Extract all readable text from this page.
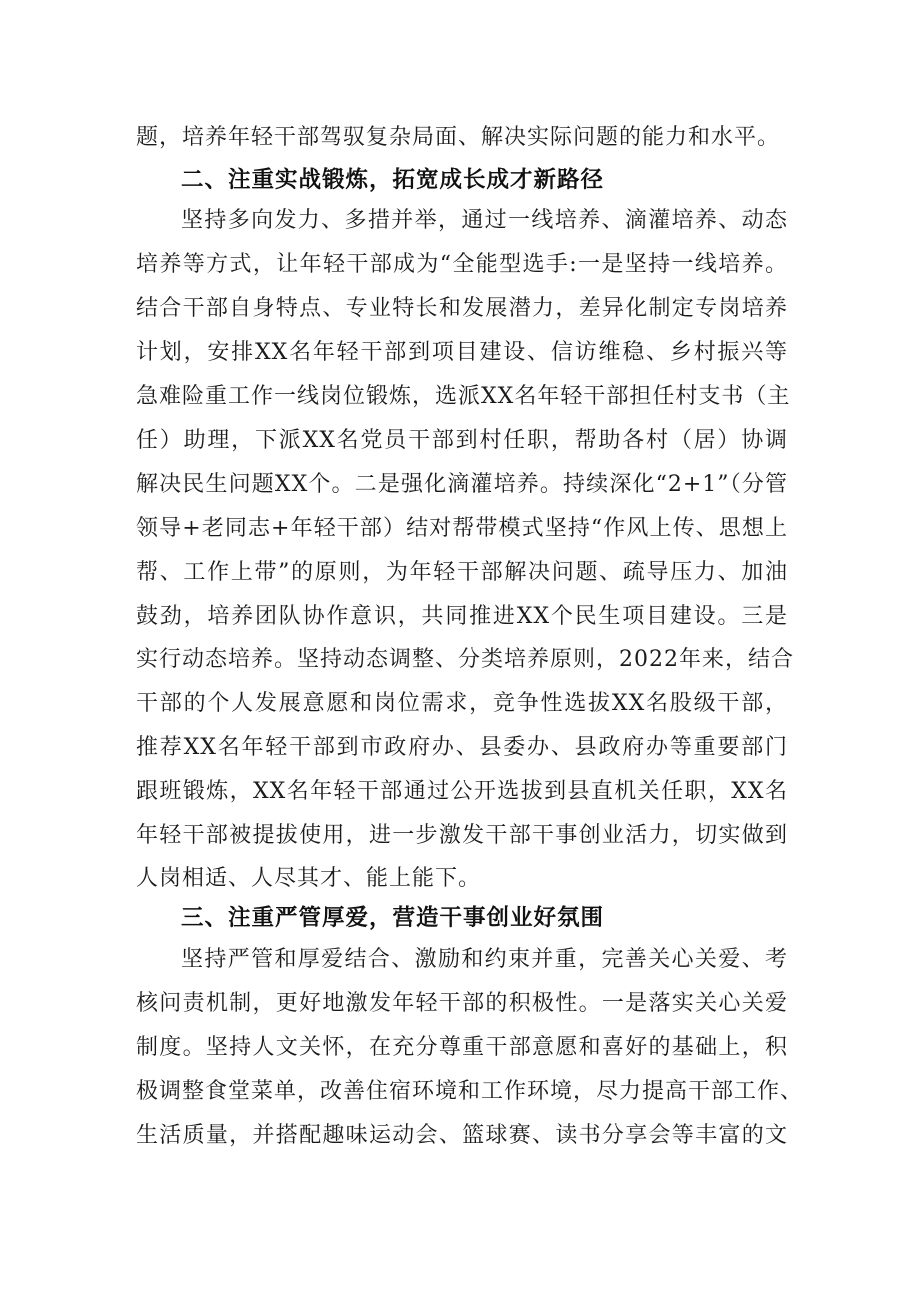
题，培养年轻干部驾驭复杂局面、解决实际问题的能力和水平。
二、注重实战锻炼，拓宽成长成才新路径
坚持多向发力、多措并举，通过一线培养、滴灌培养、动态
培养等方式，让年轻干部成为“全能型选手:一是坚持一线培养。
结合干部自身特点、专业特长和发展潜力，差异化制定专岗培养
计划，安排XX名年轻干部到项目建设、信访维稳、乡村振兴等
急难险重工作一线岗位锻炼，选派XX名年轻干部担任村支书（主
任）助理，下派XX名党员干部到村任职，帮助各村（居）协调
解决民生问题XX个。二是强化滴灌培养。持续深化“2+1”（分管
领导+老同志+年轻干部）结对帮带模式坚持“作风上传、思想上
帮、工作上带”的原则，为年轻干部解决问题、疏导压力、加油
鼓劲，培养团队协作意识，共同推进XX个民生项目建设。三是
实行动态培养。坚持动态调整、分类培养原则，2022年来，结合
干部的个人发展意愿和岗位需求，竞争性选拔XX名股级干部，
推荐XX名年轻干部到市政府办、县委办、县政府办等重要部门
跟班锻炼，XX名年轻干部通过公开选拔到县直机关任职，XX名
年轻干部被提拔使用，进一步激发干部干事创业活力，切实做到
人岗相适、人尽其才、能上能下。
三、注重严管厚爱，营造干事创业好氛围
坚持严管和厚爱结合、激励和约束并重，完善关心关爱、考
核问责机制，更好地激发年轻干部的积极性。一是落实关心关爱
制度。坚持人文关怀，在充分尊重干部意愿和喜好的基础上，积
极调整食堂菜单，改善住宿环境和工作环境，尽力提高干部工作、
生活质量，并搭配趣味运动会、篮球赛、读书分享会等丰富的文
